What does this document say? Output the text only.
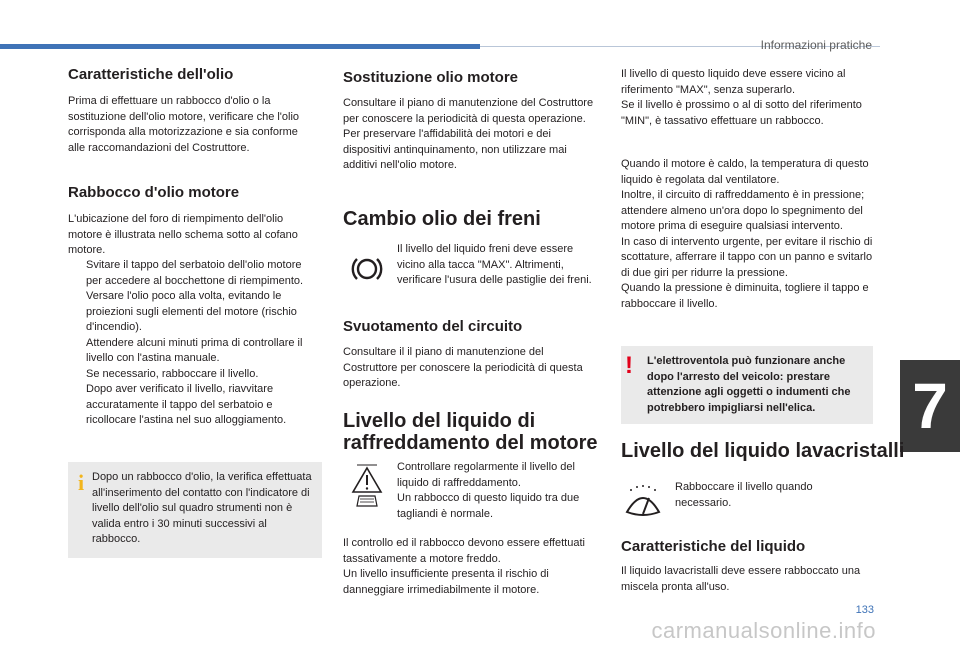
Informazioni pratiche
7
133
carmanualsonline.info
Caratteristiche dell'olio

Prima di effettuare un rabbocco d'olio o la sostituzione dell'olio motore, verificare che l'olio corrisponda alla motorizzazione e sia conforme alle raccomandazioni del Costruttore.

Rabbocco d'olio motore

L'ubicazione del foro di riempimento dell'olio motore è illustrata nello schema sotto al cofano motore.

Svitare il tappo del serbatoio dell'olio motore per accedere al bocchettone di riempimento.
Versare l'olio poco alla volta, evitando le proiezioni sugli elementi del motore (rischio d'incendio).
Attendere alcuni minuti prima di controllare il livello con l'astina manuale.
Se necessario, rabboccare il livello.
Dopo aver verificato il livello, riavvitare accuratamente il tappo del serbatoio e ricollocare l'astina nel suo alloggiamento.
i Dopo un rabbocco d'olio, la verifica effettuata all'inserimento del contatto con l'indicatore di livello dell'olio sul quadro strumenti non è valida entro i 30 minuti successivi al rabbocco.

Sostituzione olio motore

Consultare il piano di manutenzione del Costruttore per conoscere la periodicità di questa operazione.
Per preservare l'affidabilità dei motori e dei dispositivi antinquinamento, non utilizzare mai additivi nell'olio motore.

Cambio olio dei freni

Il livello del liquido freni deve essere vicino alla tacca "MAX". Altrimenti, verificare l'usura delle pastiglie dei freni.

Svuotamento del circuito

Consultare il il piano di manutenzione del Costruttore per conoscere la periodicità di questa operazione.

Livello del liquido di raffreddamento del motore

Controllare regolarmente il livello del liquido di raffreddamento.
Un rabbocco di questo liquido tra due tagliandi è normale.

Il controllo ed il rabbocco devono essere effettuati tassativamente a motore freddo.
Un livello insufficiente presenta il rischio di danneggiare irrimediabilmente il motore.

Il livello di questo liquido deve essere vicino al riferimento "MAX", senza superarlo.
Se il livello è prossimo o al di sotto del riferimento "MIN", è tassativo effettuare un rabbocco.

Quando il motore è caldo, la temperatura di questo liquido è regolata dal ventilatore.
Inoltre, il circuito di raffreddamento è in pressione; attendere almeno un'ora dopo lo spegnimento del motore prima di eseguire qualsiasi intervento.
In caso di intervento urgente, per evitare il rischio di scottature, afferrare il tappo con un panno e svitarlo di due giri per ridurre la pressione.
Quando la pressione è diminuita, togliere il tappo e rabboccare il livello.

! L'elettroventola può funzionare anche dopo l'arresto del veicolo: prestare attenzione agli oggetti o indumenti che potrebbero impigliarsi nell'elica.

Livello del liquido lavacristalli

Rabboccare il livello quando necessario.

Caratteristiche del liquido

Il liquido lavacristalli deve essere rabboccato una miscela pronta all'uso.
